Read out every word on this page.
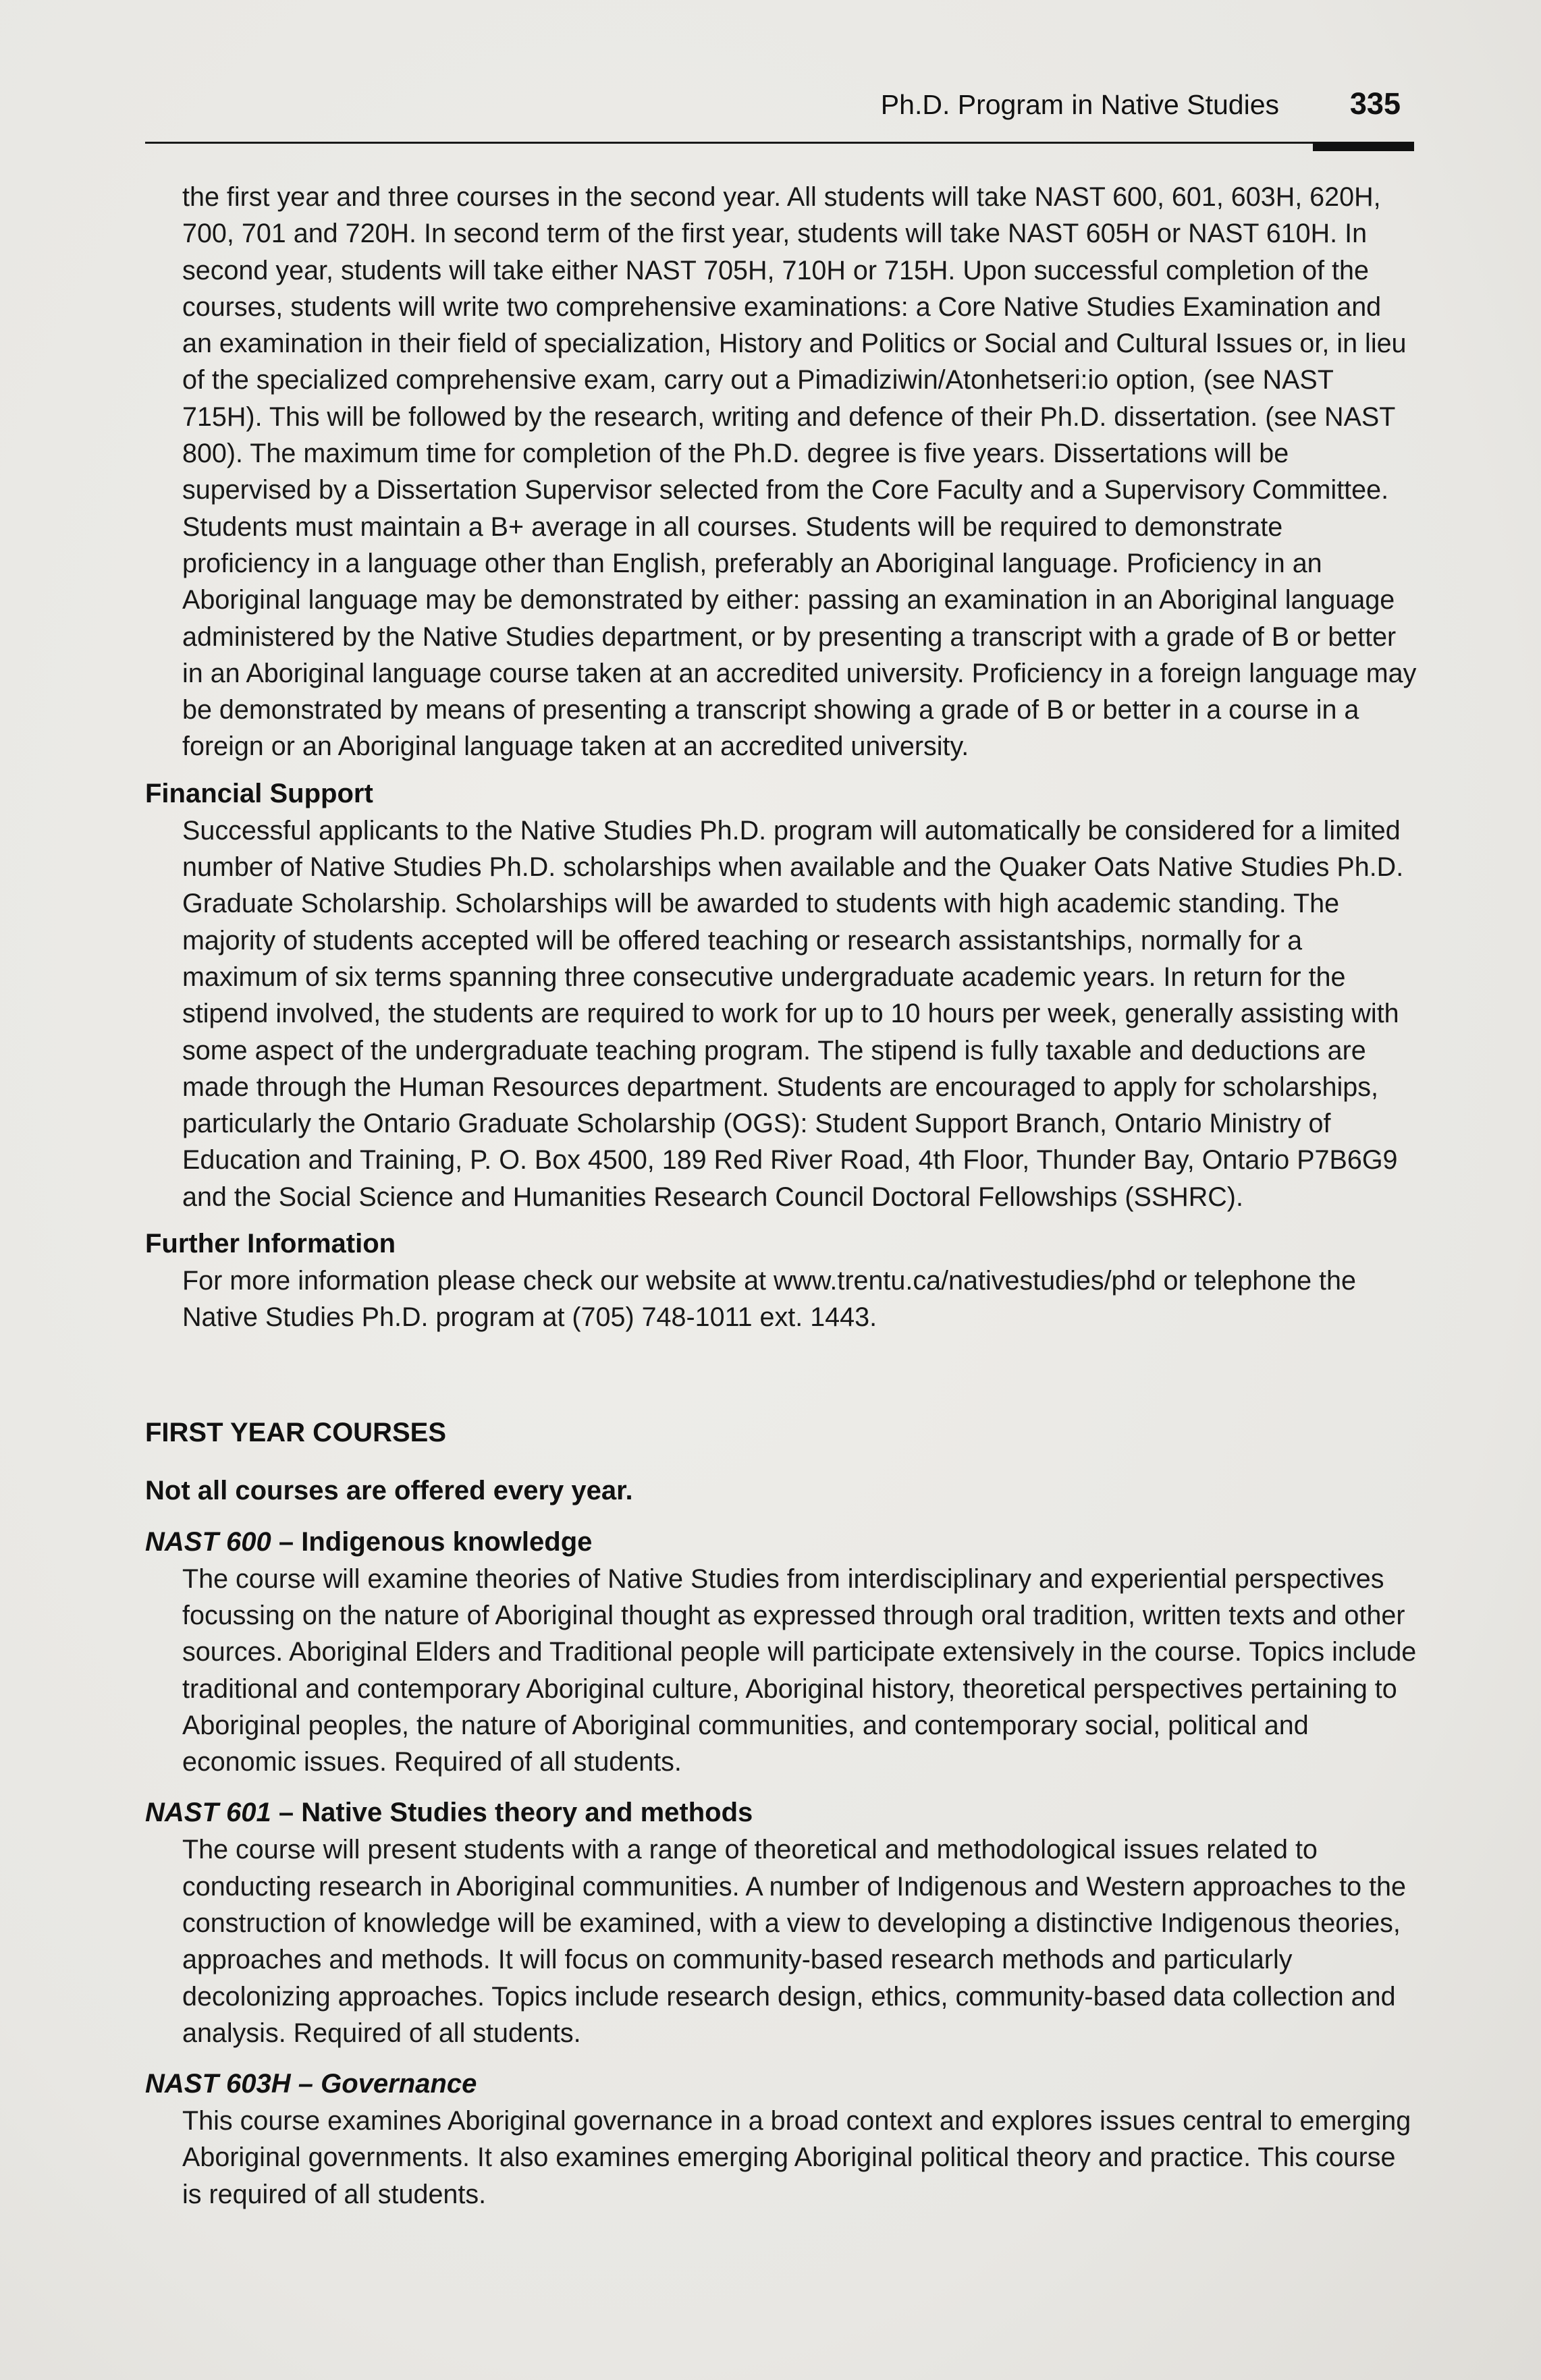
Ph.D. Program in Native Studies 335

the first year and three courses in the second year. All students will take NAST 600, 601, 603H, 620H, 700, 701 and 720H. In second term of the first year, students will take NAST 605H or NAST 610H. In second year, students will take either NAST 705H, 710H or 715H. Upon successful completion of the courses, students will write two comprehensive examinations: a Core Native Studies Examination and an examination in their field of specialization, History and Politics or Social and Cultural Issues or, in lieu of the specialized comprehensive exam, carry out a Pimadiziwin/Atonhetseri:io option, (see NAST 715H). This will be followed by the research, writing and defence of their Ph.D. dissertation. (see NAST 800). The maximum time for completion of the Ph.D. degree is five years. Dissertations will be supervised by a Dissertation Supervisor selected from the Core Faculty and a Supervisory Committee. Students must maintain a B+ average in all courses. Students will be required to demonstrate proficiency in a language other than English, preferably an Aboriginal language. Proficiency in an Aboriginal language may be demonstrated by either: passing an examination in an Aboriginal language administered by the Native Studies department, or by presenting a transcript with a grade of B or better in an Aboriginal language course taken at an accredited university. Proficiency in a foreign language may be demonstrated by means of presenting a transcript showing a grade of B or better in a course in a foreign or an Aboriginal language taken at an accredited university.

Financial Support

Successful applicants to the Native Studies Ph.D. program will automatically be considered for a limited number of Native Studies Ph.D. scholarships when available and the Quaker Oats Native Studies Ph.D. Graduate Scholarship. Scholarships will be awarded to students with high academic standing. The majority of students accepted will be offered teaching or research assistantships, normally for a maximum of six terms spanning three consecutive undergraduate academic years. In return for the stipend involved, the students are required to work for up to 10 hours per week, generally assisting with some aspect of the undergraduate teaching program. The stipend is fully taxable and deductions are made through the Human Resources department. Students are encouraged to apply for scholarships, particularly the Ontario Graduate Scholarship (OGS): Student Support Branch, Ontario Ministry of Education and Training, P. O. Box 4500, 189 Red River Road, 4th Floor, Thunder Bay, Ontario P7B6G9 and the Social Science and Humanities Research Council Doctoral Fellowships (SSHRC).

Further Information

For more information please check our website at www.trentu.ca/nativestudies/phd or telephone the Native Studies Ph.D. program at (705) 748-1011 ext. 1443.

FIRST YEAR COURSES
Not all courses are offered every year.
NAST 600 – Indigenous knowledge

The course will examine theories of Native Studies from interdisciplinary and experiential perspectives focussing on the nature of Aboriginal thought as expressed through oral tradition, written texts and other sources. Aboriginal Elders and Traditional people will participate extensively in the course. Topics include traditional and contemporary Aboriginal culture, Aboriginal history, theoretical perspectives pertaining to Aboriginal peoples, the nature of Aboriginal communities, and contemporary social, political and economic issues. Required of all students.

NAST 601 – Native Studies theory and methods

The course will present students with a range of theoretical and methodological issues related to conducting research in Aboriginal communities. A number of Indigenous and Western approaches to the construction of knowledge will be examined, with a view to developing a distinctive Indigenous theories, approaches and methods. It will focus on community-based research methods and particularly decolonizing approaches. Topics include research design, ethics, community-based data collection and analysis. Required of all students.

NAST 603H – Governance

This course examines Aboriginal governance in a broad context and explores issues central to emerging Aboriginal governments. It also examines emerging Aboriginal political theory and practice. This course is required of all students.
